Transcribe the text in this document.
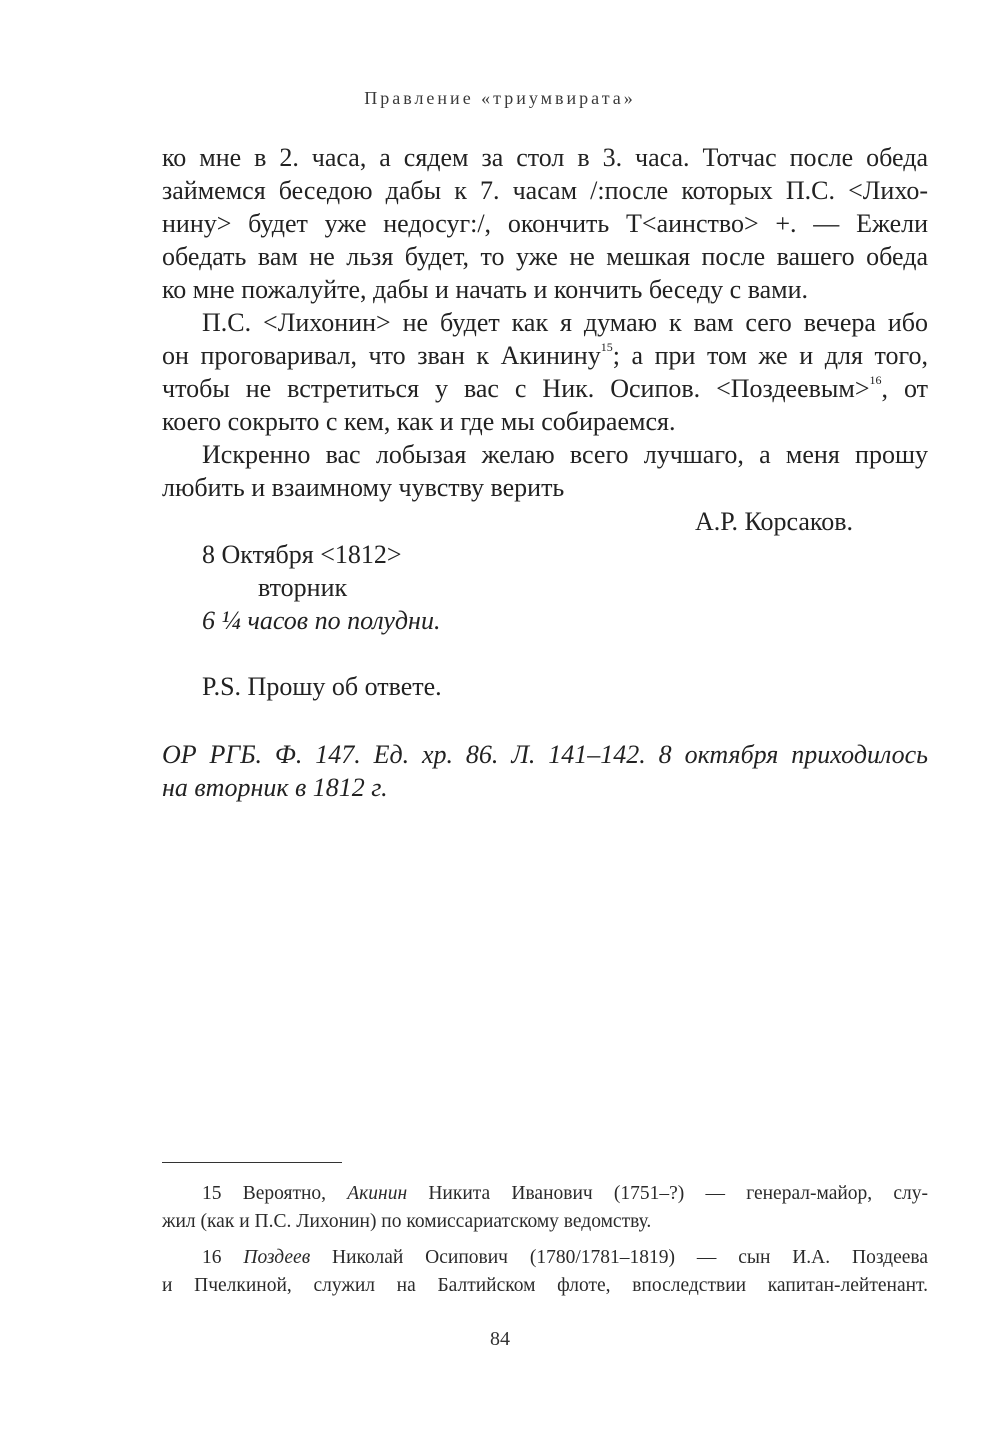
Правление «триумвирата»
ко мне в 2. часа, а сядем за стол в 3. часа. Тотчас после обеда
займемся беседою дабы к 7. часам /:после которых П.С. <Лихо-
нину> будет уже недосуг:/, окончить Т<аинство> +. — Ежели
обедать вам не льзя будет, то уже не мешкая после вашего обеда
ко мне пожалуйте, дабы и начать и кончить беседу с вами.
П.С. <Лихонин> не будет как я думаю к вам сего вечера ибо
он проговаривал, что зван к Акинину$^{15}$; а при том же и для того,
чтобы не встретиться у вас с Ник. Осипов. <Поздеевым>$^{16}$, от
коего сокрыто с кем, как и где мы собираемся.
Искренно вас лобызая желаю всего лучшаго, а меня прошу
любить и взаимному чувству верить
А.Р. Корсаков.
8 Октября <1812>
вторник
6 ¼ часов по полудни.
P.S. Прошу об ответе.
ОР РГБ. Ф. 147. Ед. хр. 86. Л. 141–142. 8 октября приходилось
на вторник в 1812 г.
15 Вероятно, Акинин Никита Иванович (1751–?) — генерал-майор, слу-
жил (как и П.С. Лихонин) по комиссариатскому ведомству.
16 Поздеев Николай Осипович (1780/1781–1819) — сын И.А. Поздеева
и Пчелкиной, служил на Балтийском флоте, впоследствии капитан-лейтенант.
84
